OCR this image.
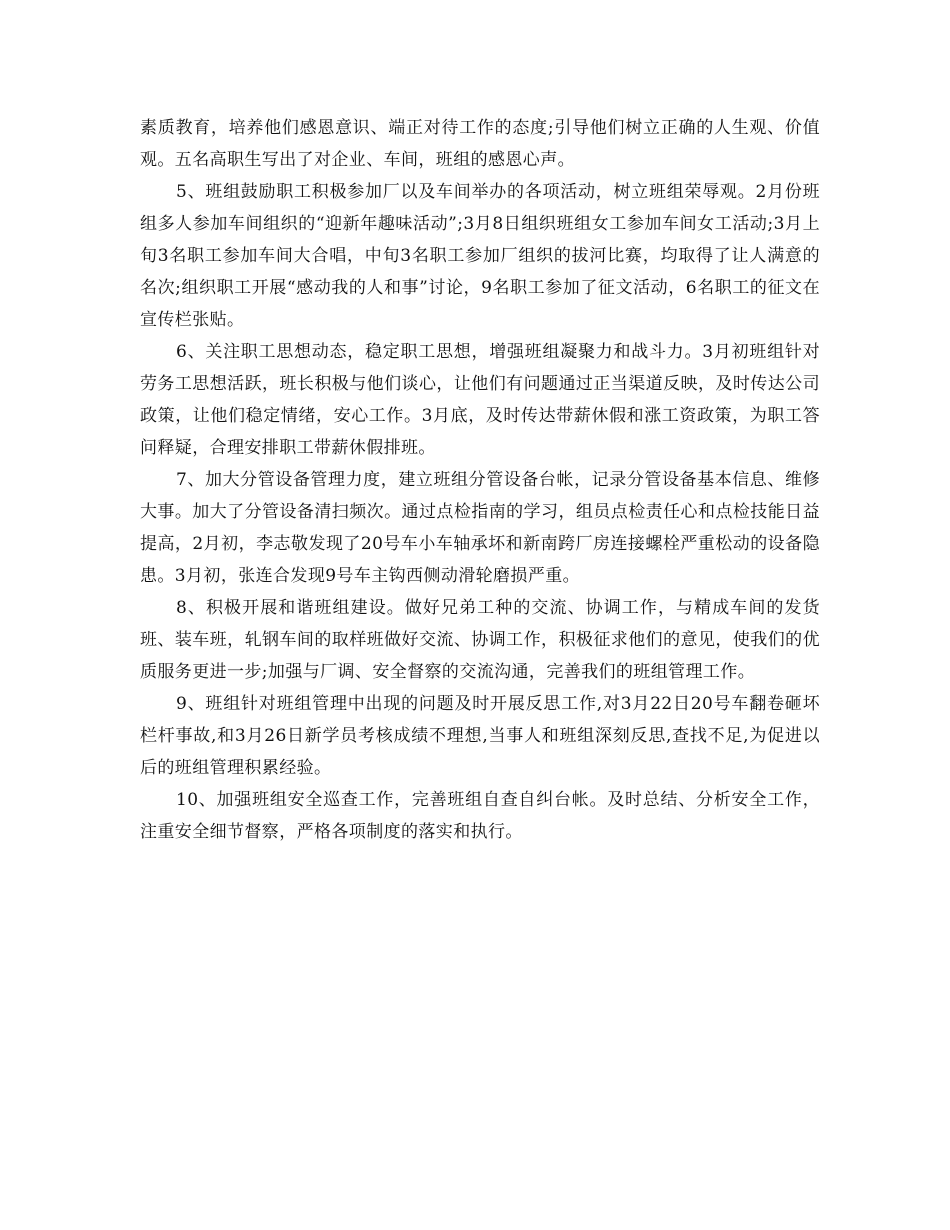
素质教育，培养他们感恩意识、端正对待工作的态度;引导他们树立正确的人生观、价值观。五名高职生写出了对企业、车间，班组的感恩心声。

5、班组鼓励职工积极参加厂以及车间举办的各项活动，树立班组荣辱观。2月份班组多人参加车间组织的“迎新年趣味活动”;3月8日组织班组女工参加车间女工活动;3月上旬3名职工参加车间大合唱，中旬3名职工参加厂组织的拔河比赛，均取得了让人满意的名次;组织职工开展“感动我的人和事”讨论，9名职工参加了征文活动，6名职工的征文在宣传栏张贴。

6、关注职工思想动态，稳定职工思想，增强班组凝聚力和战斗力。3月初班组针对劳务工思想活跃，班长积极与他们谈心，让他们有问题通过正当渠道反映，及时传达公司政策，让他们稳定情绪，安心工作。3月底，及时传达带薪休假和涨工资政策，为职工答问释疑，合理安排职工带薪休假排班。

7、加大分管设备管理力度，建立班组分管设备台帐，记录分管设备基本信息、维修大事。加大了分管设备清扫频次。通过点检指南的学习，组员点检责任心和点检技能日益提高，2月初，李志敬发现了20号车小车轴承坏和新南跨厂房连接螺栓严重松动的设备隐患。3月初，张连合发现9号车主钩西侧动滑轮磨损严重。

8、积极开展和谐班组建设。做好兄弟工种的交流、协调工作，与精成车间的发货班、装车班，轧钢车间的取样班做好交流、协调工作，积极征求他们的意见，使我们的优质服务更进一步;加强与厂调、安全督察的交流沟通，完善我们的班组管理工作。

9、班组针对班组管理中出现的问题及时开展反思工作,对3月22日20号车翻卷砸坏栏杆事故,和3月26日新学员考核成绩不理想,当事人和班组深刻反思,查找不足,为促进以后的班组管理积累经验。

10、加强班组安全巡查工作，完善班组自查自纠台帐。及时总结、分析安全工作，注重安全细节督察，严格各项制度的落实和执行。
